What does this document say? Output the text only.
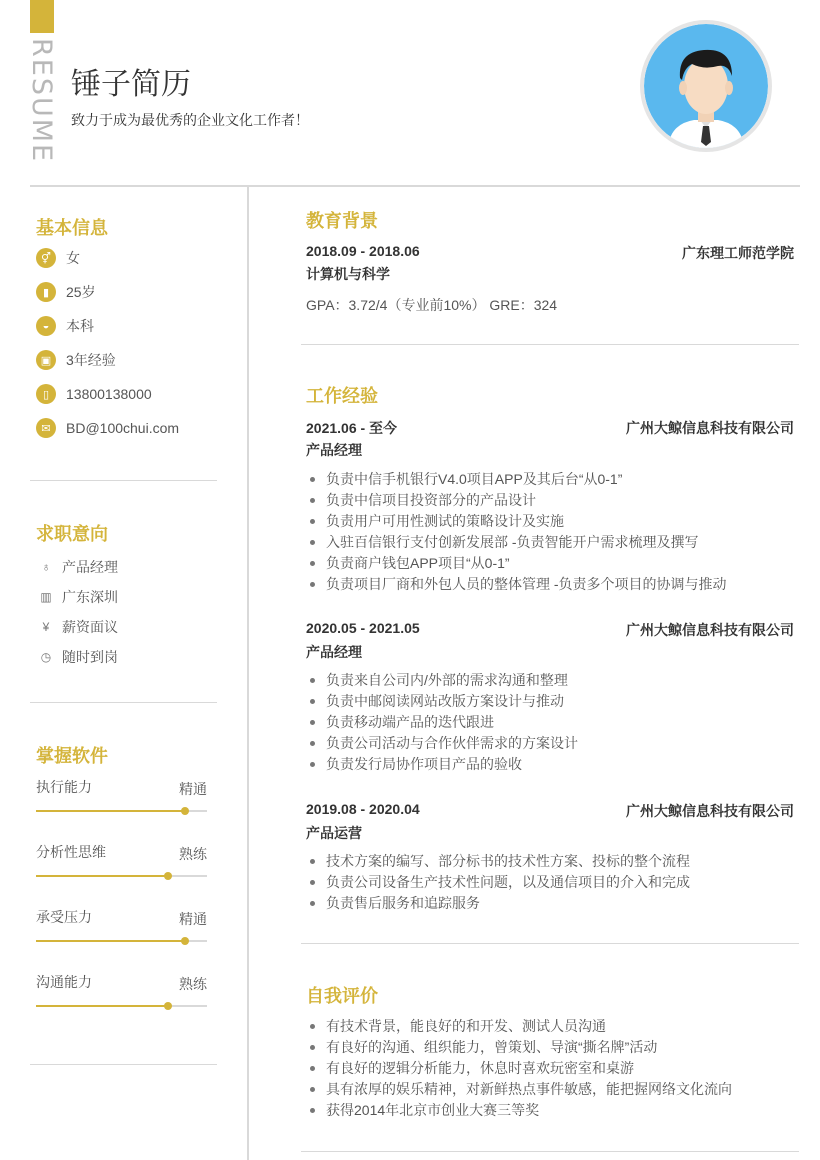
RESUME 锤子简历
致力于成为最优秀的企业文化工作者！
基本信息
⚥	女
▮	25岁
◒	本科
▣	3年经验
▯	13800138000
✉	BD@100chui.com
求职意向
♁ 产品经理
▥ 广东深圳
¥ 薪资面议
◷ 随时到岗
掌握软件
执行能力	精通
分析性思维	熟练
承受压力	精通
沟通能力	熟练
教育背景
2018.09 - 2018.06	广东理工师范学院
计算机与科学
GPA：3.72/4（专业前10%） GRE：324
工作经验
2021.06 - 至今	广州大鲸信息科技有限公司
产品经理
负责中信手机银行V4.0项目APP及其后台“从0-1”
负责中信项目投资部分的产品设计
负责用户可用性测试的策略设计及实施
入驻百信银行支付创新发展部 -负责智能开户需求梳理及撰写
负责商户钱包APP项目“从0-1”
负责项目厂商和外包人员的整体管理 -负责多个项目的协调与推动
2020.05 - 2021.05	广州大鲸信息科技有限公司
产品经理
负责来自公司内/外部的需求沟通和整理
负责中邮阅读网站改版方案设计与推动
负责移动端产品的迭代跟进
负责公司活动与合作伙伴需求的方案设计
负责发行局协作项目产品的验收
2019.08 - 2020.04	广州大鲸信息科技有限公司
产品运营
技术方案的编写、部分标书的技术性方案、投标的整个流程
负责公司设备生产技术性问题，以及通信项目的介入和完成
负责售后服务和追踪服务
自我评价
有技术背景，能良好的和开发、测试人员沟通
有良好的沟通、组织能力，曾策划、导演“撕名牌”活动
有良好的逻辑分析能力，休息时喜欢玩密室和桌游
具有浓厚的娱乐精神，对新鲜热点事件敏感，能把握网络文化流向
获得2014年北京市创业大赛三等奖
